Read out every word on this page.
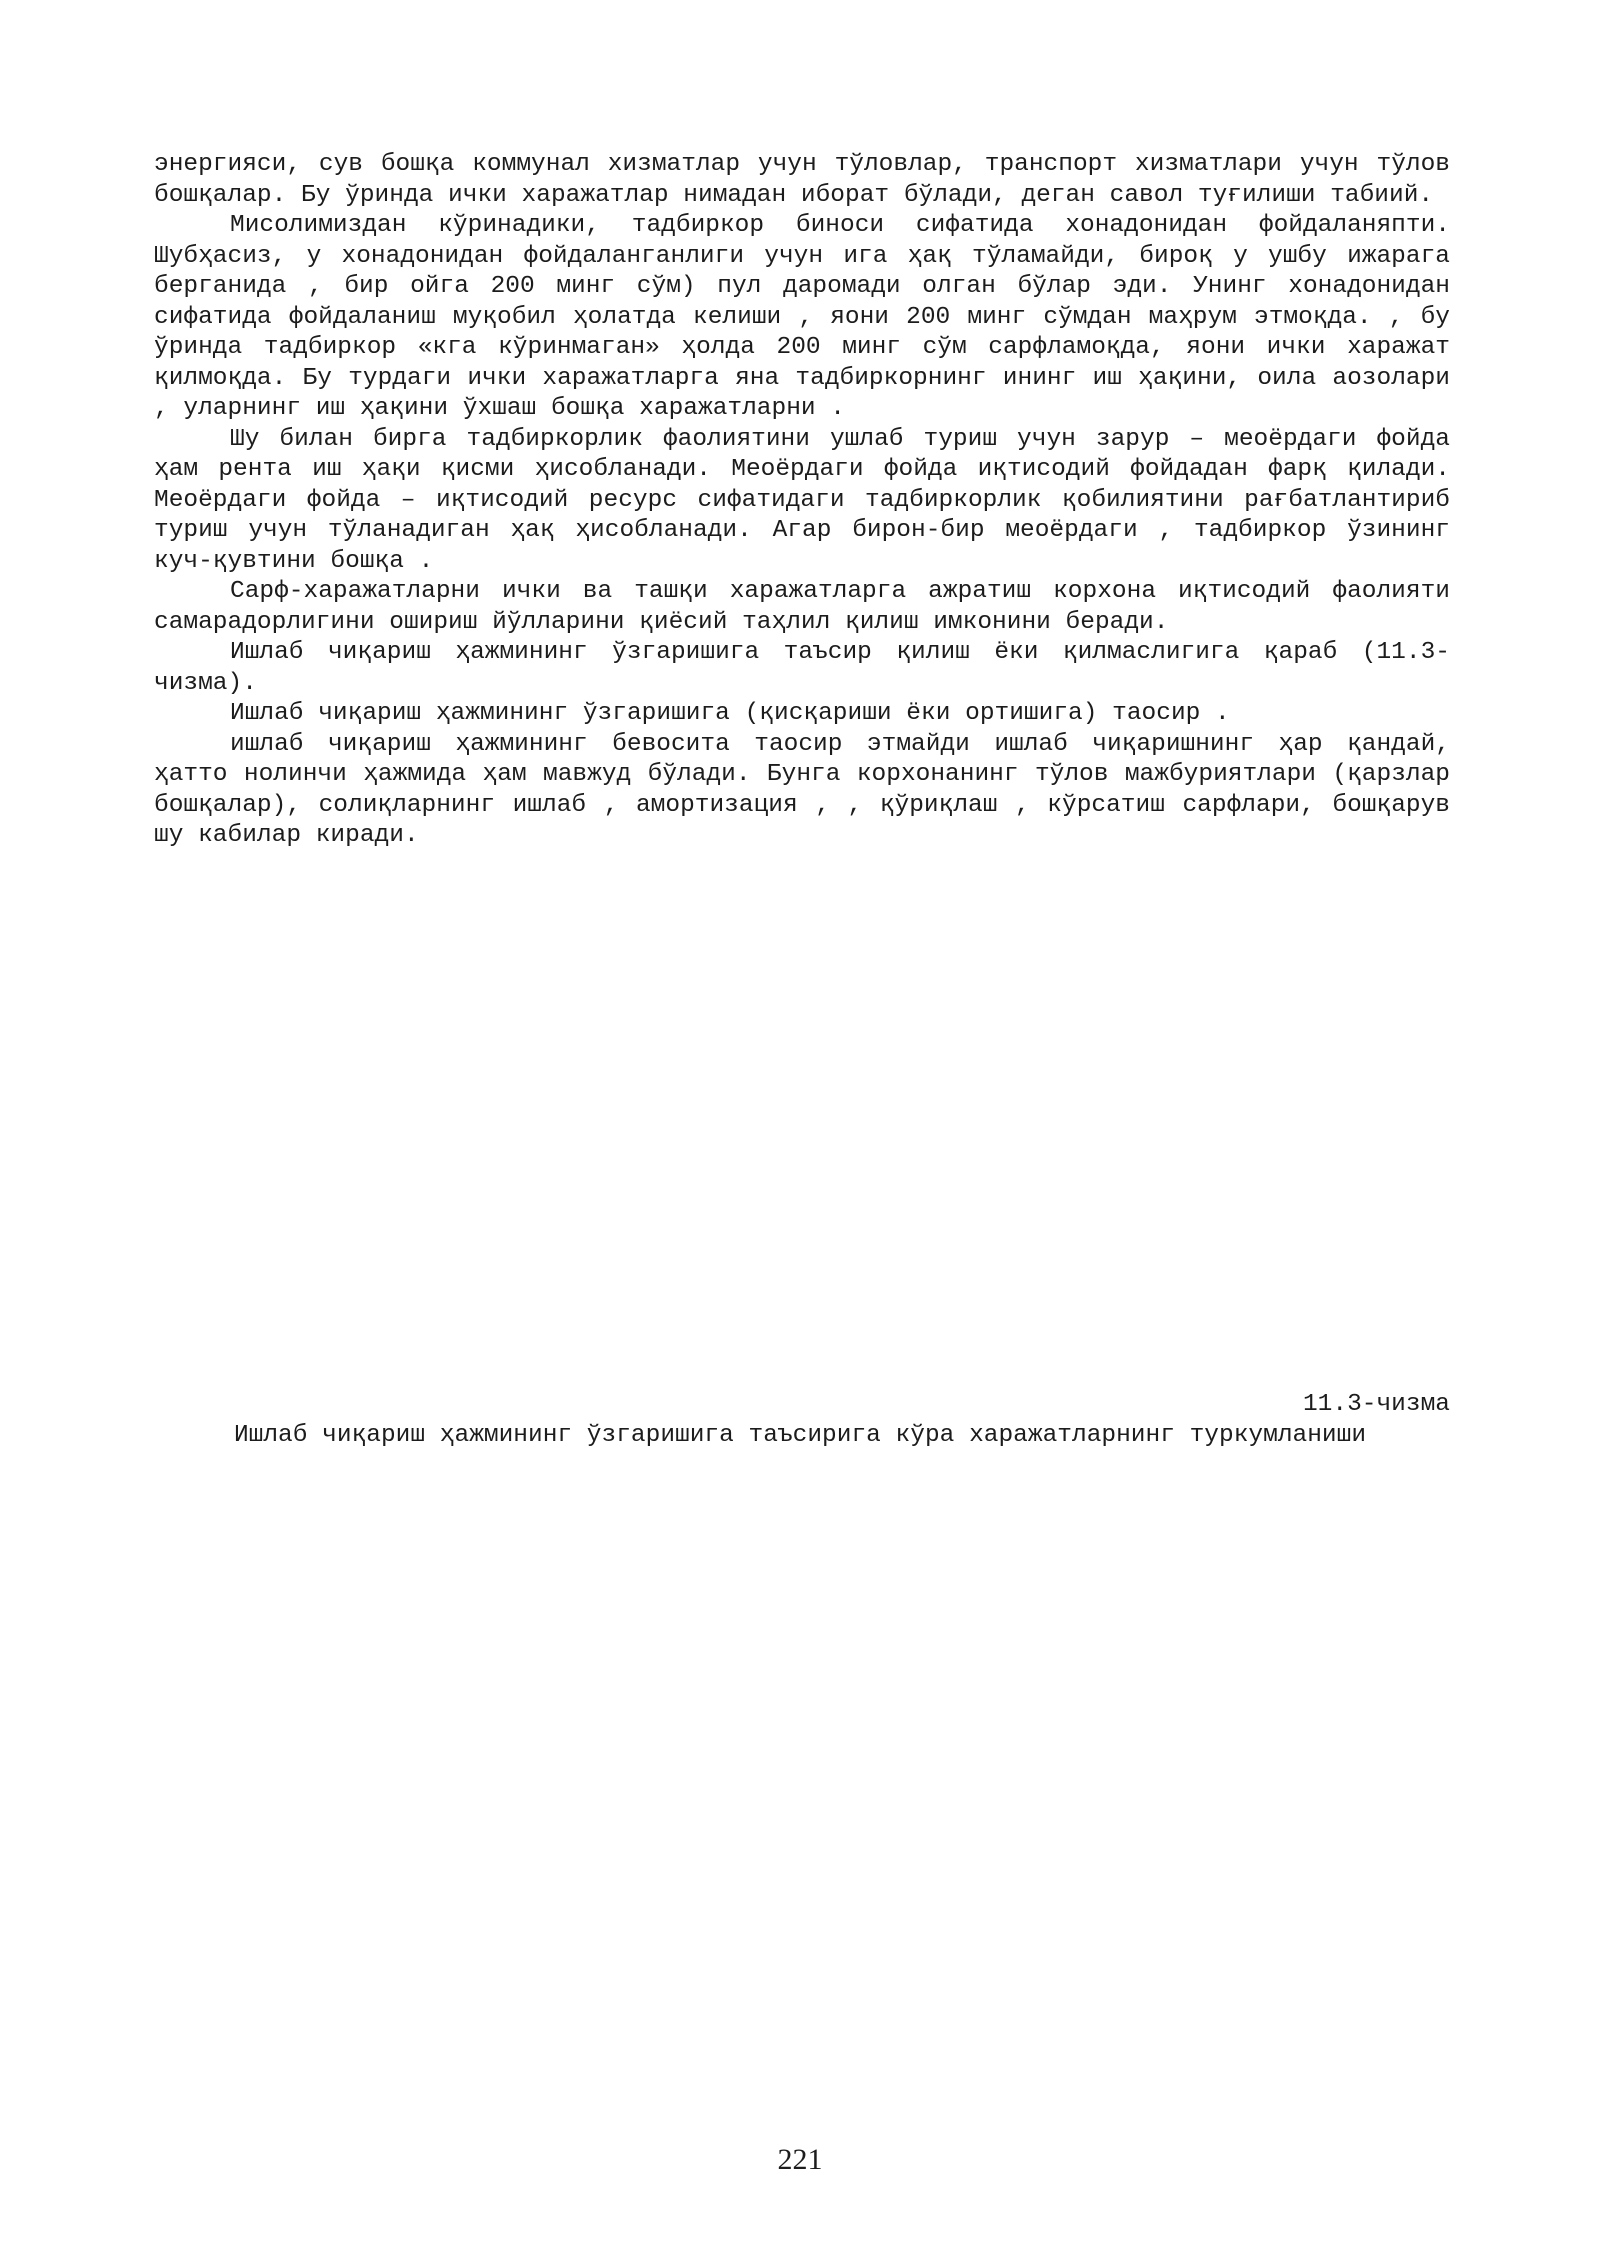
энергияси, сув бошқа коммунал хизматлар учун тўловлар, транспорт хизматлари учун тўлов бошқалар. Бу ўринда ички харажатлар нимадан иборат бўлади, деган савол туғилиши табиий.

Мисолимиздан кўринадики, тадбиркор биноси сифатида хонадонидан фойдаланяпти. Шубҳасиз, у хонадонидан фойдаланганлиги учун ига ҳақ тўламайди, бироқ у ушбу ижарага берганида , бир ойга 200 минг сўм) пул даромади олган бўлар эди. Унинг хонадонидан сифатида фойдаланиш муқобил ҳолатда келиши , яони 200 минг сўмдан маҳрум этмоқда. , бу ўринда тадбиркор «кга кўринмаган» ҳолда 200 минг сўм сарфламоқда, яони ички харажат қилмоқда. Бу турдаги ички харажатларга яна тадбиркорнинг ининг иш ҳақини, оила аозолари , уларнинг иш ҳақини ўхшаш бошқа харажатларни .

Шу билан бирга тадбиркорлик фаолиятини ушлаб туриш учун зарур – меоёрдаги фойда ҳам рента иш ҳақи қисми ҳисобланади. Меоёрдаги фойда иқтисодий фойдадан фарқ қилади. Меоёрдаги фойда – иқтисодий ресурс сифатидаги тадбиркорлик қобилиятини рағбатлантириб туриш учун тўланадиган ҳақ ҳисобланади. Агар бирон-бир меоёрдаги , тадбиркор ўзининг куч-қувтини бошқа .

Сарф-харажатларни ички ва ташқи харажатларга ажратиш корхона иқтисодий фаолияти самарадорлигини ошириш йўлларини қиёсий таҳлил қилиш имконини беради.

Ишлаб чиқариш ҳажмининг ўзгаришига таъсир қилиш ёки қилмаслигига қараб (11.3-чизма).

Ишлаб чиқариш ҳажмининг ўзгаришига (қисқариши ёки ортишига) таосир .

ишлаб чиқариш ҳажмининг бевосита таосир этмайди ишлаб чиқаришнинг ҳар қандай, ҳатто нолинчи ҳажмида ҳам мавжуд бўлади. Бунга корхонанинг тўлов мажбуриятлари (қарзлар бошқалар), солиқларнинг ишлаб , амортизация , , қўриқлаш , кўрсатиш сарфлари, бошқарув шу кабилар киради.

11.3-чизма
Ишлаб чиқариш ҳажмининг ўзгаришига таъсирига кўра харажатларнинг туркумланиши
221
